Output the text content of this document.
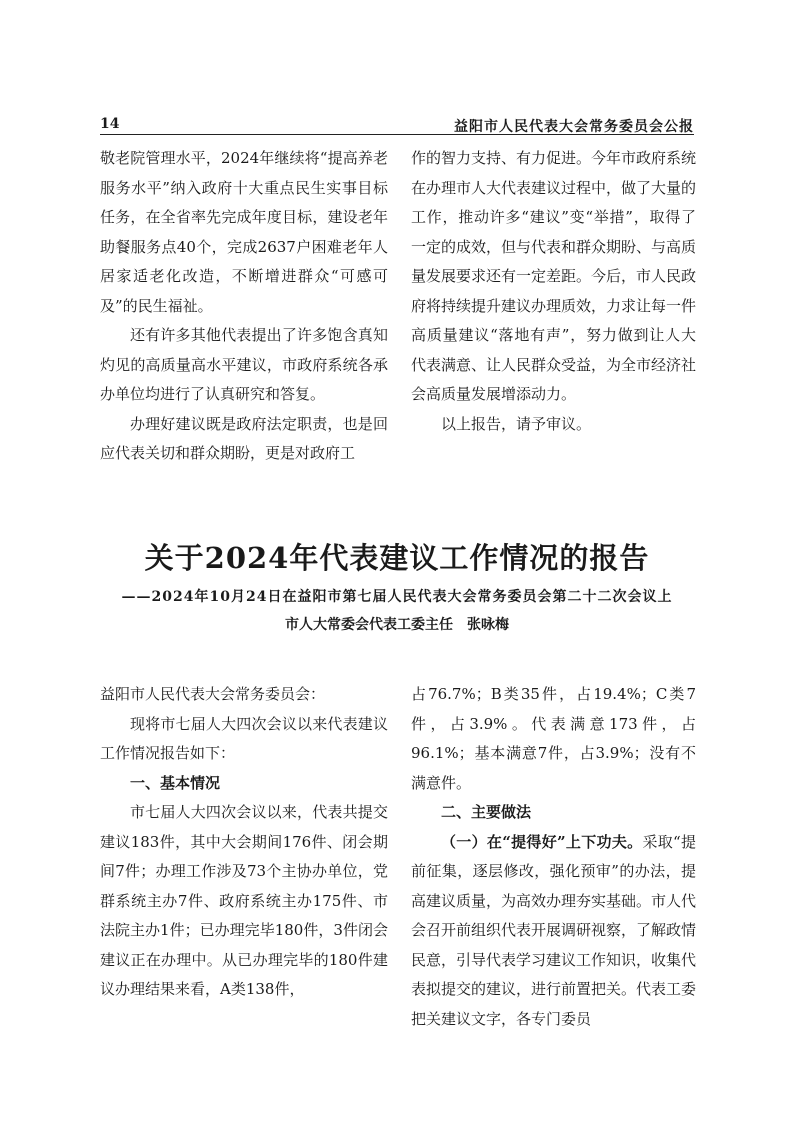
14	益阳市人民代表大会常务委员会公报

敬老院管理水平，2024年继续将“提高养老服务水平”纳入政府十大重点民生实事目标任务，在全省率先完成年度目标，建设老年助餐服务点40个，完成2637户困难老年人居家适老化改造，不断增进群众“可感可及”的民生福祉。

还有许多其他代表提出了许多饱含真知灼见的高质量高水平建议，市政府系统各承办单位均进行了认真研究和答复。

办理好建议既是政府法定职责，也是回应代表关切和群众期盼，更是对政府工

作的智力支持、有力促进。今年市政府系统在办理市人大代表建议过程中，做了大量的工作，推动许多“建议”变“举措”，取得了一定的成效，但与代表和群众期盼、与高质量发展要求还有一定差距。今后，市人民政府将持续提升建议办理质效，力求让每一件高质量建议“落地有声”，努力做到让人大代表满意、让人民群众受益，为全市经济社会高质量发展增添动力。

以上报告，请予审议。

关于2024年代表建议工作情况的报告
——2024年10月24日在益阳市第七届人民代表大会常务委员会第二十二次会议上
市人大常委会代表工委主任 张咏梅

益阳市人民代表大会常务委员会：

现将市七届人大四次会议以来代表建议工作情况报告如下：

一、基本情况

市七届人大四次会议以来，代表共提交建议183件，其中大会期间176件、闭会期间7件；办理工作涉及73个主协办单位，党群系统主办7件、政府系统主办175件、市法院主办1件；已办理完毕180件，3件闭会建议正在办理中。从已办理完毕的180件建议办理结果来看，A类138件，

占76.7%；B类35件，占19.4%；C类7件，占3.9%。代表满意173件，占96.1%；基本满意7件，占3.9%；没有不满意件。

二、主要做法

（一）在“提得好”上下功夫。采取“提前征集，逐层修改，强化预审”的办法，提高建议质量，为高效办理夯实基础。市人代会召开前组织代表开展调研视察，了解政情民意，引导代表学习建议工作知识，收集代表拟提交的建议，进行前置把关。代表工委把关建议文字，各专门委员
